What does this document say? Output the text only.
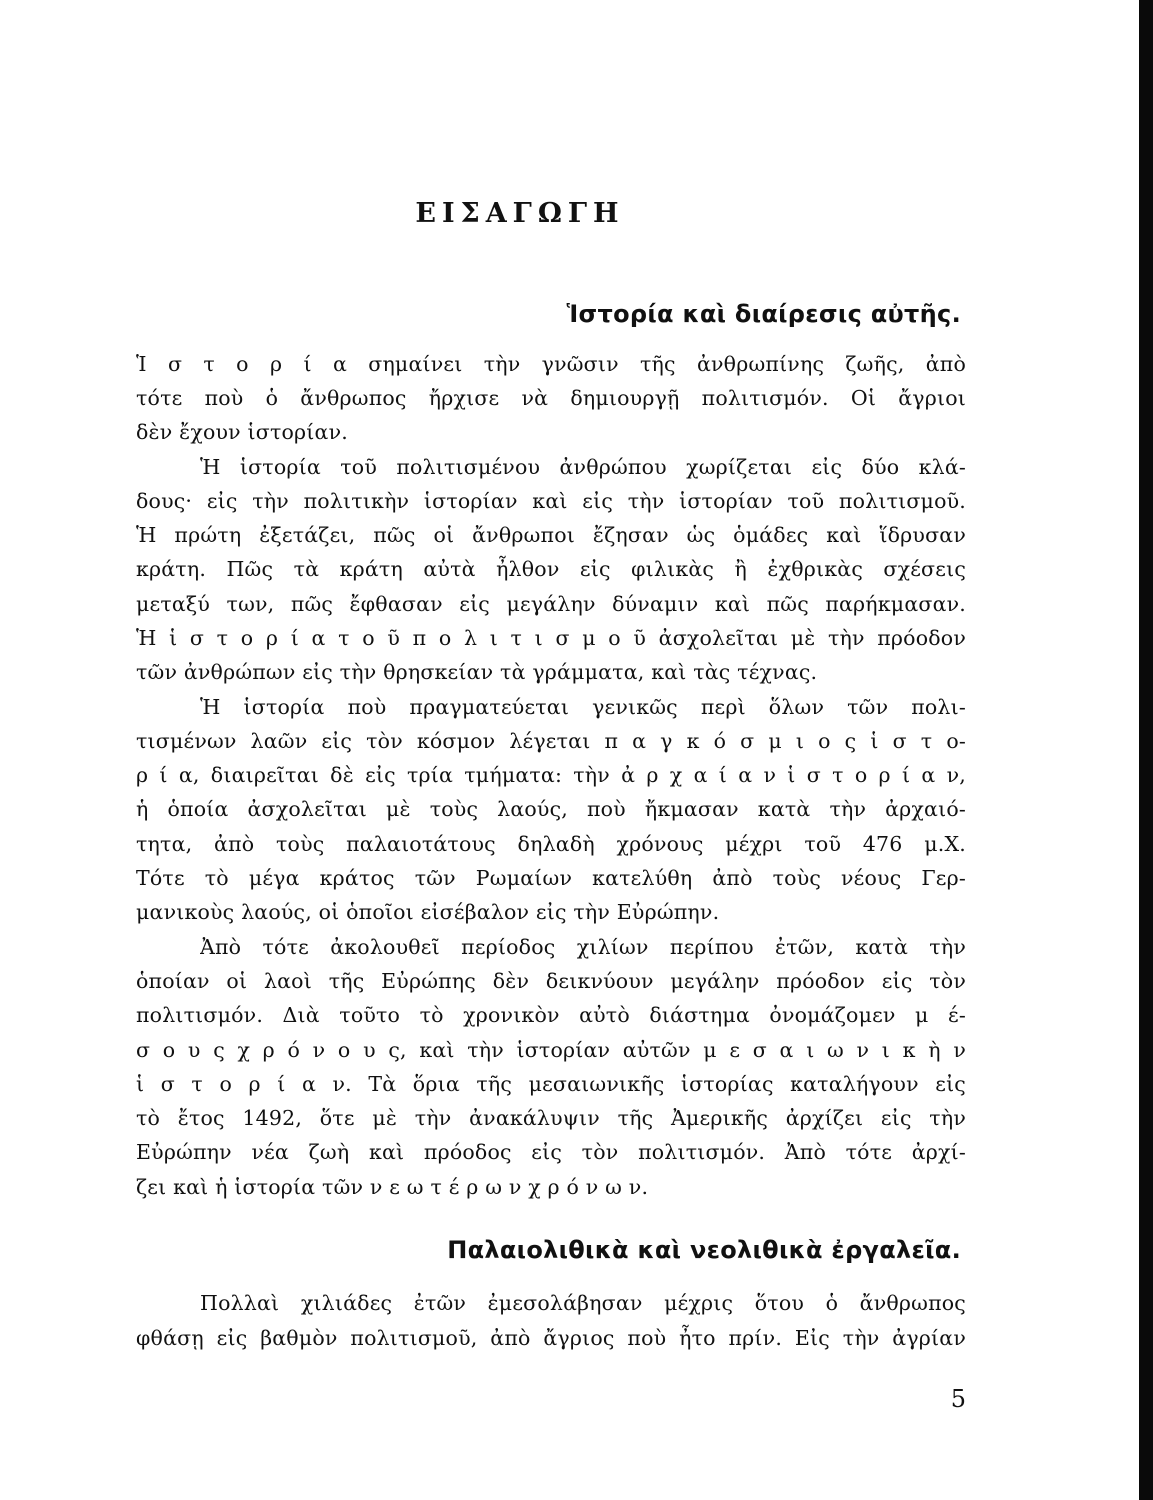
ΕΙΣΑΓΩΓΗ
Ἱστορία καὶ διαίρεσις αὐτῆς.
Ἱ σ τ ο ρ ί α σημαίνει τὴν γνῶσιν τῆς ἀνθρωπίνης ζωῆς, ἀπὸ
τότε ποὺ ὁ ἄνθρωπος ἤρχισε νὰ δημιουργῇ πολιτισμόν. Οἱ ἄγριοι
δὲν ἔχουν ἱστορίαν.
Ἡ ἱστορία τοῦ πολιτισμένου ἀνθρώπου χωρίζεται εἰς δύο κλά-
δους· εἰς τὴν πολιτικὴν ἱστορίαν καὶ εἰς τὴν ἱστορίαν τοῦ πολιτισμοῦ.
Ἡ πρώτη ἐξετάζει, πῶς οἱ ἄνθρωποι ἔζησαν ὡς ὁμάδες καὶ ἵδρυσαν
κράτη. Πῶς τὰ κράτη αὐτὰ ἦλθον εἰς φιλικὰς ἢ ἐχθρικὰς σχέσεις
μεταξύ των, πῶς ἔφθασαν εἰς μεγάλην δύναμιν καὶ πῶς παρήκμασαν.
Ἡ ἱ σ τ ο ρ ί α τ ο ῦ π ο λ ι τ ι σ μ ο ῦ ἀσχολεῖται μὲ τὴν πρόοδον
τῶν ἀνθρώπων εἰς τὴν θρησκείαν τὰ γράμματα, καὶ τὰς τέχνας.
Ἡ ἱστορία ποὺ πραγματεύεται γενικῶς περὶ ὅλων τῶν πολι-
τισμένων λαῶν εἰς τὸν κόσμον λέγεται π α γ κ ό σ μ ι ο ς ἱ σ τ ο-
ρ ί α, διαιρεῖται δὲ εἰς τρία τμήματα: τὴν ἀ ρ χ α ί α ν ἱ σ τ ο ρ ί α ν,
ἡ ὁποία ἀσχολεῖται μὲ τοὺς λαούς, ποὺ ἤκμασαν κατὰ τὴν ἀρχαιό-
τητα, ἀπὸ τοὺς παλαιοτάτους δηλαδὴ χρόνους μέχρι τοῦ 476 μ.Χ.
Τότε τὸ μέγα κράτος τῶν Ρωμαίων κατελύθη ἀπὸ τοὺς νέους Γερ-
μανικοὺς λαούς, οἱ ὁποῖοι εἰσέβαλον εἰς τὴν Εὐρώπην.
Ἀπὸ τότε ἀκολουθεῖ περίοδος χιλίων περίπου ἐτῶν, κατὰ τὴν
ὁποίαν οἱ λαοὶ τῆς Εὐρώπης δὲν δεικνύουν μεγάλην πρόοδον εἰς τὸν
πολιτισμόν. Διὰ τοῦτο τὸ χρονικὸν αὐτὸ διάστημα ὀνομάζομεν μ έ-
σ ο υ ς χ ρ ό ν ο υ ς, καὶ τὴν ἱστορίαν αὐτῶν μ ε σ α ι ω ν ι κ ὴ ν
ἱ σ τ ο ρ ί α ν. Τὰ ὅρια τῆς μεσαιωνικῆς ἱστορίας καταλήγουν εἰς
τὸ ἔτος 1492, ὅτε μὲ τὴν ἀνακάλυψιν τῆς Ἀμερικῆς ἀρχίζει εἰς τὴν
Εὐρώπην νέα ζωὴ καὶ πρόοδος εἰς τὸν πολιτισμόν. Ἀπὸ τότε ἀρχί-
ζει καὶ ἡ ἱστορία τῶν ν ε ω τ έ ρ ω ν χ ρ ό ν ω ν.
Παλαιολιθικὰ καὶ νεολιθικὰ ἐργαλεῖα.
Πολλαὶ χιλιάδες ἐτῶν ἐμεσολάβησαν μέχρις ὅτου ὁ ἄνθρωπος
φθάσῃ εἰς βαθμὸν πολιτισμοῦ, ἀπὸ ἄγριος ποὺ ἦτο πρίν. Εἰς τὴν ἀγρίαν
5
